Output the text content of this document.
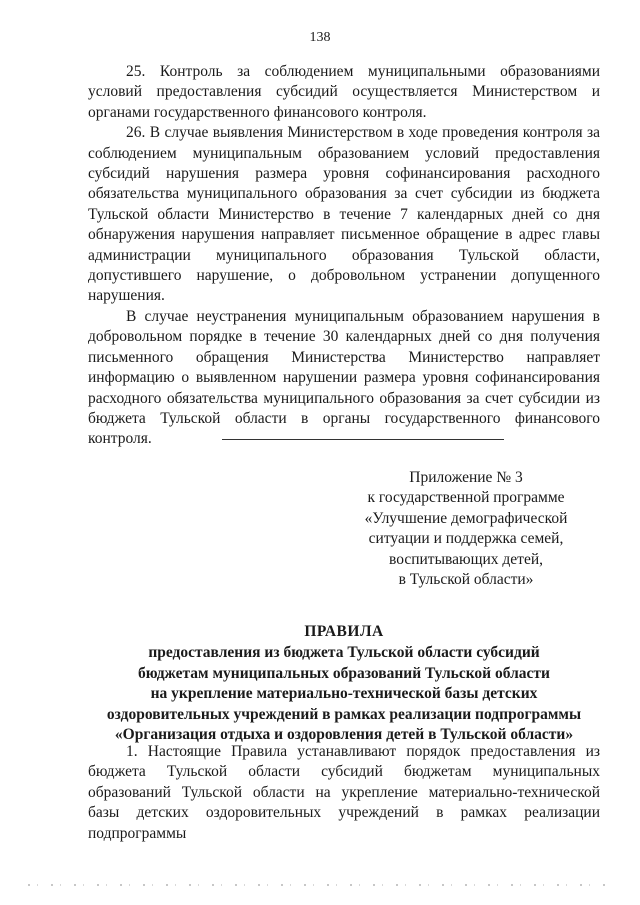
138

25. Контроль за соблюдением муниципальными образованиями условий предоставления субсидий осуществляется Министерством и органами государственного финансового контроля.

26. В случае выявления Министерством в ходе проведения контроля за соблюдением муниципальным образованием условий предоставления субсидий нарушения размера уровня софинансирования расходного обязательства муниципального образования за счет субсидии из бюджета Тульской области Министерство в течение 7 календарных дней со дня обнаружения нарушения направляет письменное обращение в адрес главы администрации муниципального образования Тульской области, допустившего нарушение, о добровольном устранении допущенного нарушения.

В случае неустранения муниципальным образованием нарушения в добровольном порядке в течение 30 календарных дней со дня получения письменного обращения Министерства Министерство направляет информацию о выявленном нарушении размера уровня софинансирования расходного обязательства муниципального образования за счет субсидии из бюджета Тульской области в органы государственного финансового контроля.

Приложение № 3
к государственной программе
«Улучшение демографической
ситуации и поддержка семей,
воспитывающих детей,
в Тульской области»
ПРАВИЛА
предоставления из бюджета Тульской области субсидий
бюджетам муниципальных образований Тульской области
на укрепление материально-технической базы детских
оздоровительных учреждений в рамках реализации подпрограммы
«Организация отдыха и оздоровления детей в Тульской области»

1. Настоящие Правила устанавливают порядок предоставления из бюджета Тульской области субсидий бюджетам муниципальных образований Тульской области на укрепление материально-технической базы детских оздоровительных учреждений в рамках реализации подпрограммы
